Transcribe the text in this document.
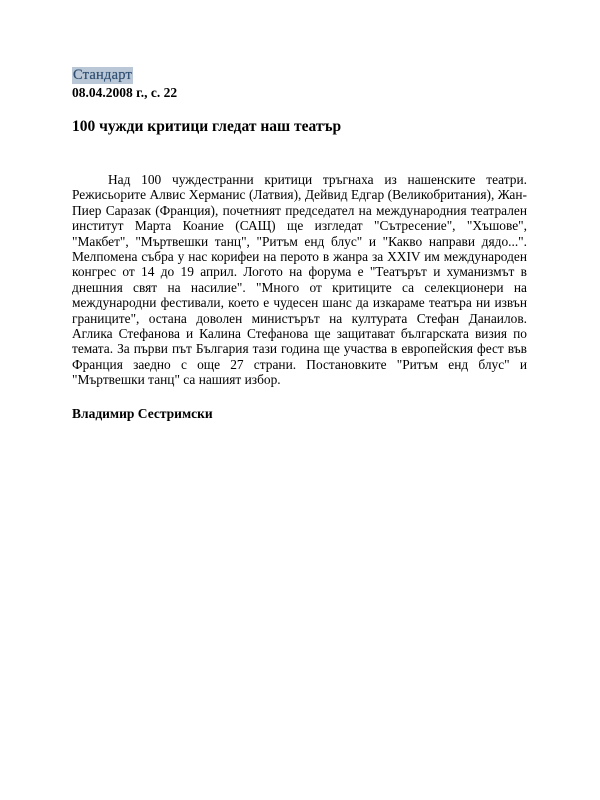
Стандарт
08.04.2008 г., с. 22
100 чужди критици гледат наш театър

Над 100 чуждестранни критици тръгнаха из нашенските театри. Режисьорите Алвис Херманис (Латвия), Дейвид Едгар (Великобритания), Жан-Пиер Саразак (Франция), почетният председател на международния театрален институт Марта Коание (САЩ) ще изгледат "Сътресение", "Хъшове", "Макбет", "Мъртвешки танц", "Ритъм енд блус" и "Какво направи дядо...". Мелпомена събра у нас корифеи на перото в жанра за XXIV им международен конгрес от 14 до 19 април. Логото на форума е "Театърът и хуманизмът в днешния свят на насилие". "Много от критиците са селекционери на международни фестивали, което е чудесен шанс да изкараме театъра ни извън границите", остана доволен министърът на културата Стефан Данаилов. Аглика Стефанова и Калина Стефанова ще защитават българската визия по темата. За първи път България тази година ще участва в европейския фест във Франция заедно с още 27 страни. Постановките "Ритъм енд блус" и "Мъртвешки танц" са нашият избор.

Владимир Сестримски
